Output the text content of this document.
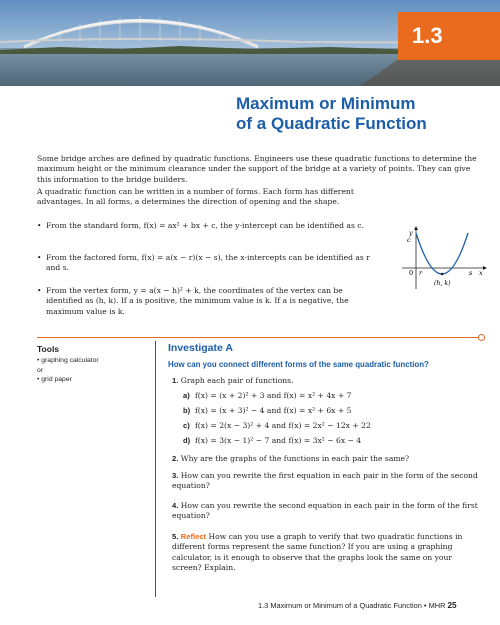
1.3
Maximum or Minimum
of a Quadratic Function

Some bridge arches are defined by quadratic functions. Engineers use these quadratic functions to determine the maximum height or the minimum clearance under the support of the bridge at a variety of points. They can give this information to the bridge builders.

A quadratic function can be written in a number of forms. Each form has different advantages. In all forms, a determines the direction of opening and the shape.

• From the standard form, f(x) = ax² + bx + c, the y-intercept can be identified as c.
• From the factored form, f(x) = a(x − r)(x − s), the x-intercepts can be identified as r and s.
• From the vertex form, y = a(x − h)² + k, the coordinates of the vertex can be identified as (h, k). If a is positive, the minimum value is k. If a is negative, the maximum value is k.
y
c
0 r	s x
(h, k)
Tools
• graphing calculator
or
• grid paper
Investigate A
How can you connect different forms of the same quadratic function?
1. Graph each pair of functions.
a) f(x) = (x + 2)² + 3 and f(x) = x² + 4x + 7
b) f(x) = (x + 3)² − 4 and f(x) = x² + 6x + 5
c) f(x) = 2(x − 3)² + 4 and f(x) = 2x² − 12x + 22
d) f(x) = 3(x − 1)² − 7 and f(x) = 3x² − 6x − 4
2. Why are the graphs of the functions in each pair the same?
3. How can you rewrite the first equation in each pair in the form of the second equation?
4. How can you rewrite the second equation in each pair in the form of the first equation?
5. Reflect How can you use a graph to verify that two quadratic functions in different forms represent the same function? If you are using a graphing calculator, is it enough to observe that the graphs look the same on your screen? Explain.
1.3 Maximum or Minimum of a Quadratic Function • MHR 25
